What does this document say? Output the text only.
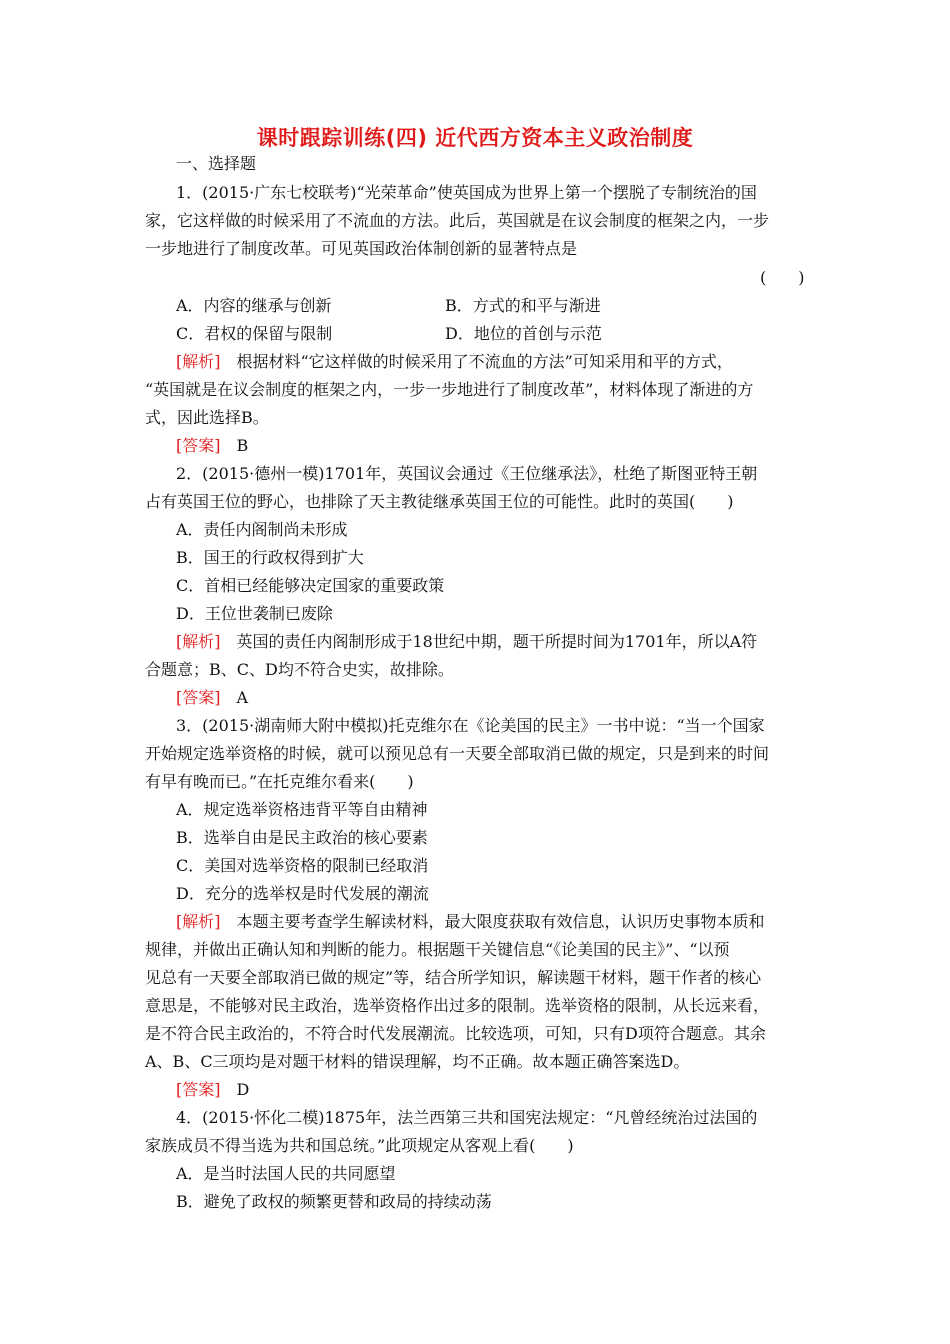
课时跟踪训练(四) 近代西方资本主义政治制度
一、选择题
1．(2015·广东七校联考)“光荣革命”使英国成为世界上第一个摆脱了专制统治的国
家，它这样做的时候采用了不流血的方法。此后，英国就是在议会制度的框架之内，一步
一步地进行了制度改革。可见英国政治体制创新的显著特点是
(　　)
A．内容的继承与创新	B．方式的和平与渐进
C．君权的保留与限制	D．地位的首创与示范
[解析]　根据材料“它这样做的时候采用了不流血的方法”可知采用和平的方式，
“英国就是在议会制度的框架之内，一步一步地进行了制度改革”，材料体现了渐进的方
式，因此选择B。
[答案]　B
2．(2015·德州一模)1701年，英国议会通过《王位继承法》，杜绝了斯图亚特王朝
占有英国王位的野心，也排除了天主教徒继承英国王位的可能性。此时的英国(　　)
A．责任内阁制尚未形成
B．国王的行政权得到扩大
C．首相已经能够决定国家的重要政策
D．王位世袭制已废除
[解析]　英国的责任内阁制形成于18世纪中期，题干所提时间为1701年，所以A符
合题意；B、C、D均不符合史实，故排除。
[答案]　A
3．(2015·湖南师大附中模拟)托克维尔在《论美国的民主》一书中说：“当一个国家
开始规定选举资格的时候，就可以预见总有一天要全部取消已做的规定，只是到来的时间
有早有晚而已。”在托克维尔看来(　　)
A．规定选举资格违背平等自由精神
B．选举自由是民主政治的核心要素
C．美国对选举资格的限制已经取消
D．充分的选举权是时代发展的潮流
[解析]　本题主要考查学生解读材料，最大限度获取有效信息，认识历史事物本质和
规律，并做出正确认知和判断的能力。根据题干关键信息“《论美国的民主》”、“以预
见总有一天要全部取消已做的规定”等，结合所学知识，解读题干材料，题干作者的核心
意思是，不能够对民主政治，选举资格作出过多的限制。选举资格的限制，从长远来看，
是不符合民主政治的，不符合时代发展潮流。比较选项，可知，只有D项符合题意。其余
A、B、C三项均是对题干材料的错误理解，均不正确。故本题正确答案选D。
[答案]　D
4．(2015·怀化二模)1875年，法兰西第三共和国宪法规定：“凡曾经统治过法国的
家族成员不得当选为共和国总统。”此项规定从客观上看(　　)
A．是当时法国人民的共同愿望
B．避免了政权的频繁更替和政局的持续动荡
